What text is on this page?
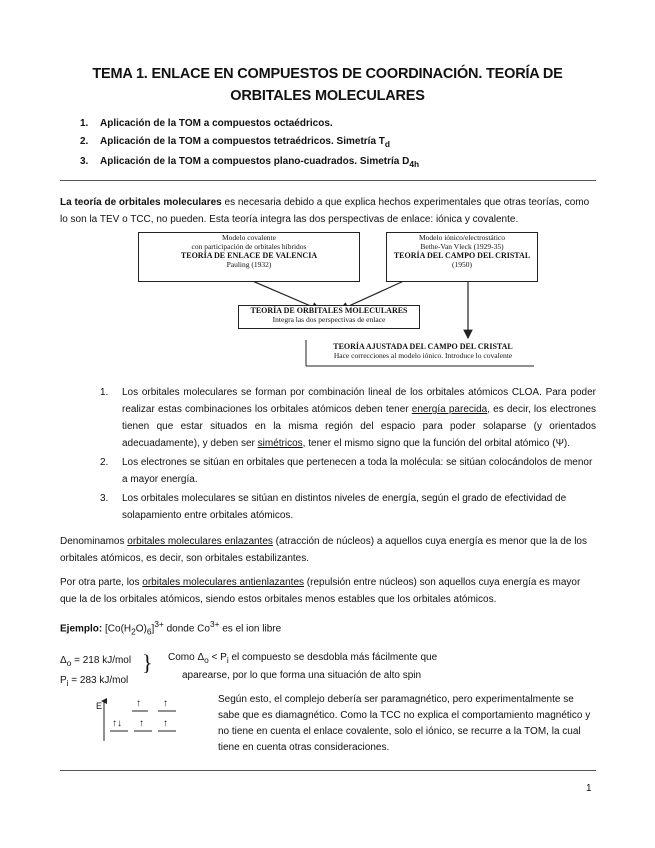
TEMA 1. ENLACE EN COMPUESTOS DE COORDINACIÓN. TEORÍA DE ORBITALES MOLECULARES
1.	Aplicación de la TOM a compuestos octaédricos.
2.	Aplicación de la TOM a compuestos tetraédricos. Simetría $T_d$
3.	Aplicación de la TOM a compuestos plano-cuadrados. Simetría $D_{4h}$
La teoría de orbitales moleculares es necesaria debido a que explica hechos experimentales que otras teorías, como lo son la TEV o TCC, no pueden. Esta teoría integra las dos perspectivas de enlace: iónica y covalente.
Modelo covalente
con participación de orbitales híbridos
TEORÍA DE ENLACE DE VALENCIA
Pauling (1932)
Modelo iónico/electrostático
Bethe-Van Vleck (1929-35)
TEORÍA DEL CAMPO DEL CRISTAL
(1950)
TEORÍA DE ORBITALES MOLECULARES
Integra las dos perspectivas de enlace
TEORÍA AJUSTADA DEL CAMPO DEL CRISTAL
Hace correcciones al modelo iónico. Introduce lo covalente
1. Los orbitales moleculares se forman por combinación lineal de los orbitales atómicos CLOA. Para poder realizar estas combinaciones los orbitales atómicos deben tener energía parecida, es decir, los electrones tienen que estar situados en la misma región del espacio para poder solaparse (y orientados adecuadamente), y deben ser simétricos, tener el mismo signo que la función del orbital atómico (Ψ).
2. Los electrones se sitúan en orbitales que pertenecen a toda la molécula: se sitúan colocándolos de menor a mayor energía.
3. Los orbitales moleculares se sitúan en distintos niveles de energía, según el grado de efectividad de solapamiento entre orbitales atómicos.
Denominamos orbitales moleculares enlazantes (atracción de núcleos) a aquellos cuya energía es menor que la de los orbitales atómicos, es decir, son orbitales estabilizantes.
Por otra parte, los orbitales moleculares antienlazantes (repulsión entre núcleos) son aquellos cuya energía es mayor que la de los orbitales atómicos, siendo estos orbitales menos estables que los orbitales atómicos.
Ejemplo: $[Co(H_2O)_6]^{3+}$ donde $Co^{3+}$ es el ion libre
$\Delta_o = 218$ kJ/mol
$P_i = 283$ kJ/mol
} Como $\Delta_o < P_i$ el compuesto se desdobla más fácilmente que
aparearse, por lo que forma una situación de alto spin
E	↑ ↑
↑↓ ↑ ↑
Según esto, el complejo debería ser paramagnético, pero experimentalmente se sabe que es diamagnético. Como la TCC no explica el comportamiento magnético y no tiene en cuenta el enlace covalente, solo el iónico, se recurre a la TOM, la cual tiene en cuenta otras consideraciones.
1
